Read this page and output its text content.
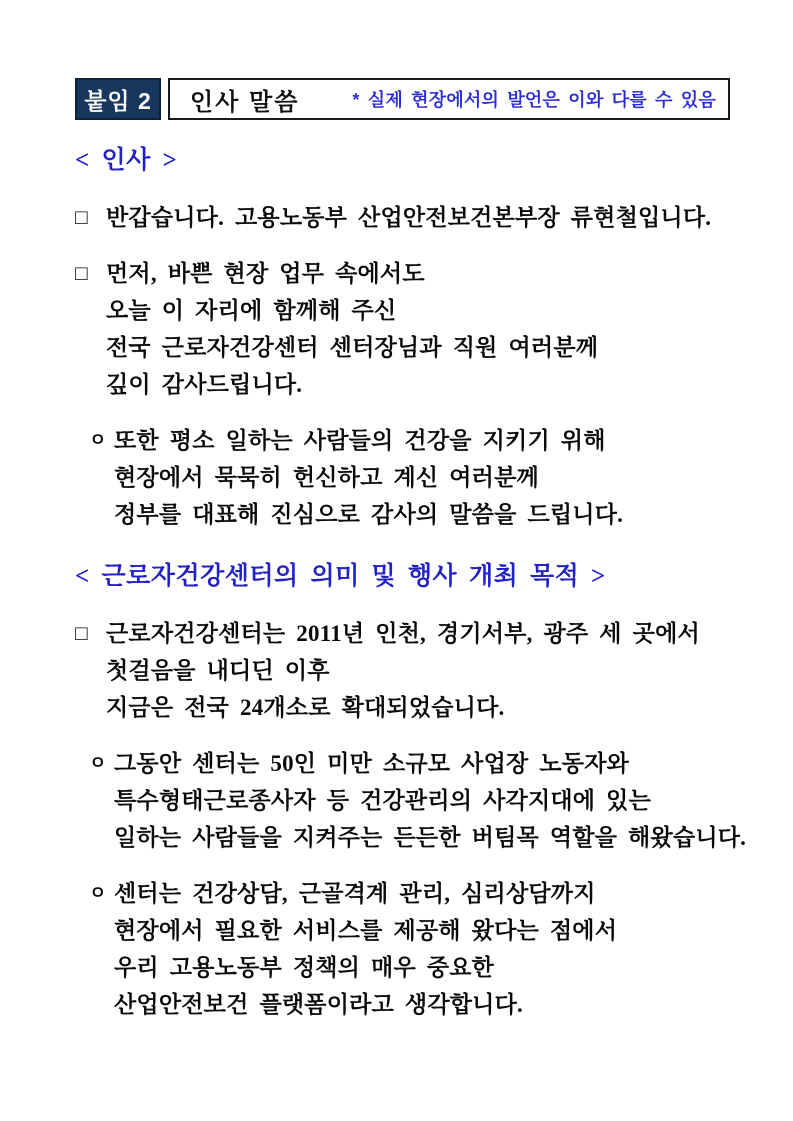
붙임 2	인사 말씀	* 실제 현장에서의 발언은 이와 다를 수 있음
< 인사 >
□ 반갑습니다. 고용노동부 산업안전보건본부장 류현철입니다.
□ 먼저, 바쁜 현장 업무 속에서도
오늘 이 자리에 함께해 주신
전국 근로자건강센터 센터장님과 직원 여러분께
깊이 감사드립니다.
ㅇ 또한 평소 일하는 사람들의 건강을 지키기 위해
현장에서 묵묵히 헌신하고 계신 여러분께
정부를 대표해 진심으로 감사의 말씀을 드립니다.
< 근로자건강센터의 의미 및 행사 개최 목적 >
□ 근로자건강센터는 2011년 인천, 경기서부, 광주 세 곳에서
첫걸음을 내디딘 이후
지금은 전국 24개소로 확대되었습니다.
ㅇ 그동안 센터는 50인 미만 소규모 사업장 노동자와
특수형태근로종사자 등 건강관리의 사각지대에 있는
일하는 사람들을 지켜주는 든든한 버팀목 역할을 해왔습니다.
ㅇ 센터는 건강상담, 근골격계 관리, 심리상담까지
현장에서 필요한 서비스를 제공해 왔다는 점에서
우리 고용노동부 정책의 매우 중요한
산업안전보건 플랫폼이라고 생각합니다.
